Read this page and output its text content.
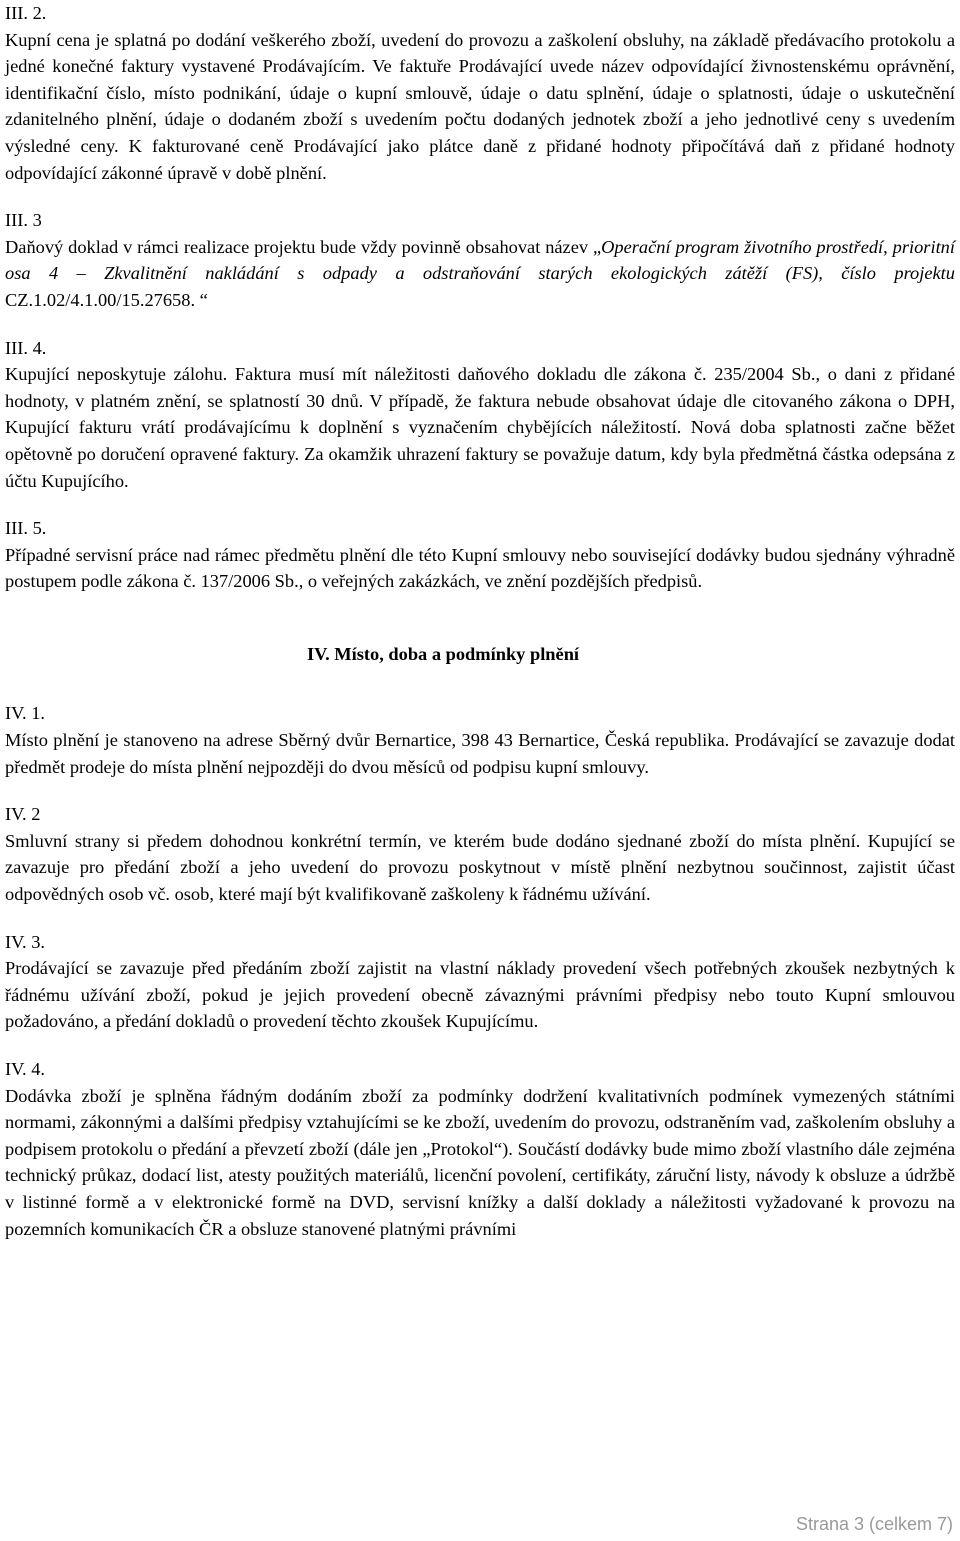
III. 2.

Kupní cena je splatná po dodání veškerého zboží, uvedení do provozu a zaškolení obsluhy, na základě předávacího protokolu a jedné konečné faktury vystavené Prodávajícím. Ve faktuře Prodávající uvede název odpovídající živnostenskému oprávnění, identifikační číslo, místo podnikání, údaje o kupní smlouvě, údaje o datu splnění, údaje o splatnosti, údaje o uskutečnění zdanitelného plnění, údaje o dodaném zboží s uvedením počtu dodaných jednotek zboží a jeho jednotlivé ceny s uvedením výsledné ceny. K fakturované ceně Prodávající jako plátce daně z přidané hodnoty připočítává daň z přidané hodnoty odpovídající zákonné úpravě v době plnění.

III. 3

Daňový doklad v rámci realizace projektu bude vždy povinně obsahovat název „Operační program životního prostředí, prioritní osa 4 – Zkvalitnění nakládání s odpady a odstraňování starých ekologických zátěží (FS), číslo projektu CZ.1.02/4.1.00/15.27658. “

III. 4.

Kupující neposkytuje zálohu. Faktura musí mít náležitosti daňového dokladu dle zákona č. 235/2004 Sb., o dani z přidané hodnoty, v platném znění, se splatností 30 dnů. V případě, že faktura nebude obsahovat údaje dle citovaného zákona o DPH, Kupující fakturu vrátí prodávajícímu k doplnění s vyznačením chybějících náležitostí. Nová doba splatnosti začne běžet opětovně po doručení opravené faktury. Za okamžik uhrazení faktury se považuje datum, kdy byla předmětná částka odepsána z účtu Kupujícího.

III. 5.

Případné servisní práce nad rámec předmětu plnění dle této Kupní smlouvy nebo související dodávky budou sjednány výhradně postupem podle zákona č. 137/2006 Sb., o veřejných zakázkách, ve znění pozdějších předpisů.

IV. Místo, doba a podmínky plnění
IV. 1.

Místo plnění je stanoveno na adrese Sběrný dvůr Bernartice, 398 43 Bernartice, Česká republika. Prodávající se zavazuje dodat předmět prodeje do místa plnění nejpozději do dvou měsíců od podpisu kupní smlouvy.

IV. 2

Smluvní strany si předem dohodnou konkrétní termín, ve kterém bude dodáno sjednané zboží do místa plnění. Kupující se zavazuje pro předání zboží a jeho uvedení do provozu poskytnout v místě plnění nezbytnou součinnost, zajistit účast odpovědných osob vč. osob, které mají být kvalifikovaně zaškoleny k řádnému užívání.

IV. 3.

Prodávající se zavazuje před předáním zboží zajistit na vlastní náklady provedení všech potřebných zkoušek nezbytných k řádnému užívání zboží, pokud je jejich provedení obecně závaznými právními předpisy nebo touto Kupní smlouvou požadováno, a předání dokladů o provedení těchto zkoušek Kupujícímu.

IV. 4.

Dodávka zboží je splněna řádným dodáním zboží za podmínky dodržení kvalitativních podmínek vymezených státními normami, zákonnými a dalšími předpisy vztahujícími se ke zboží, uvedením do provozu, odstraněním vad, zaškolením obsluhy a podpisem protokolu o předání a převzetí zboží (dále jen „Protokol“). Součástí dodávky bude mimo zboží vlastního dále zejména technický průkaz, dodací list, atesty použitých materiálů, licenční povolení, certifikáty, záruční listy, návody k obsluze a údržbě v listinné formě a v elektronické formě na DVD, servisní knížky a další doklady a náležitosti vyžadované k provozu na pozemních komunikacích ČR a obsluze stanovené platnými právními

Strana 3 (celkem 7)
